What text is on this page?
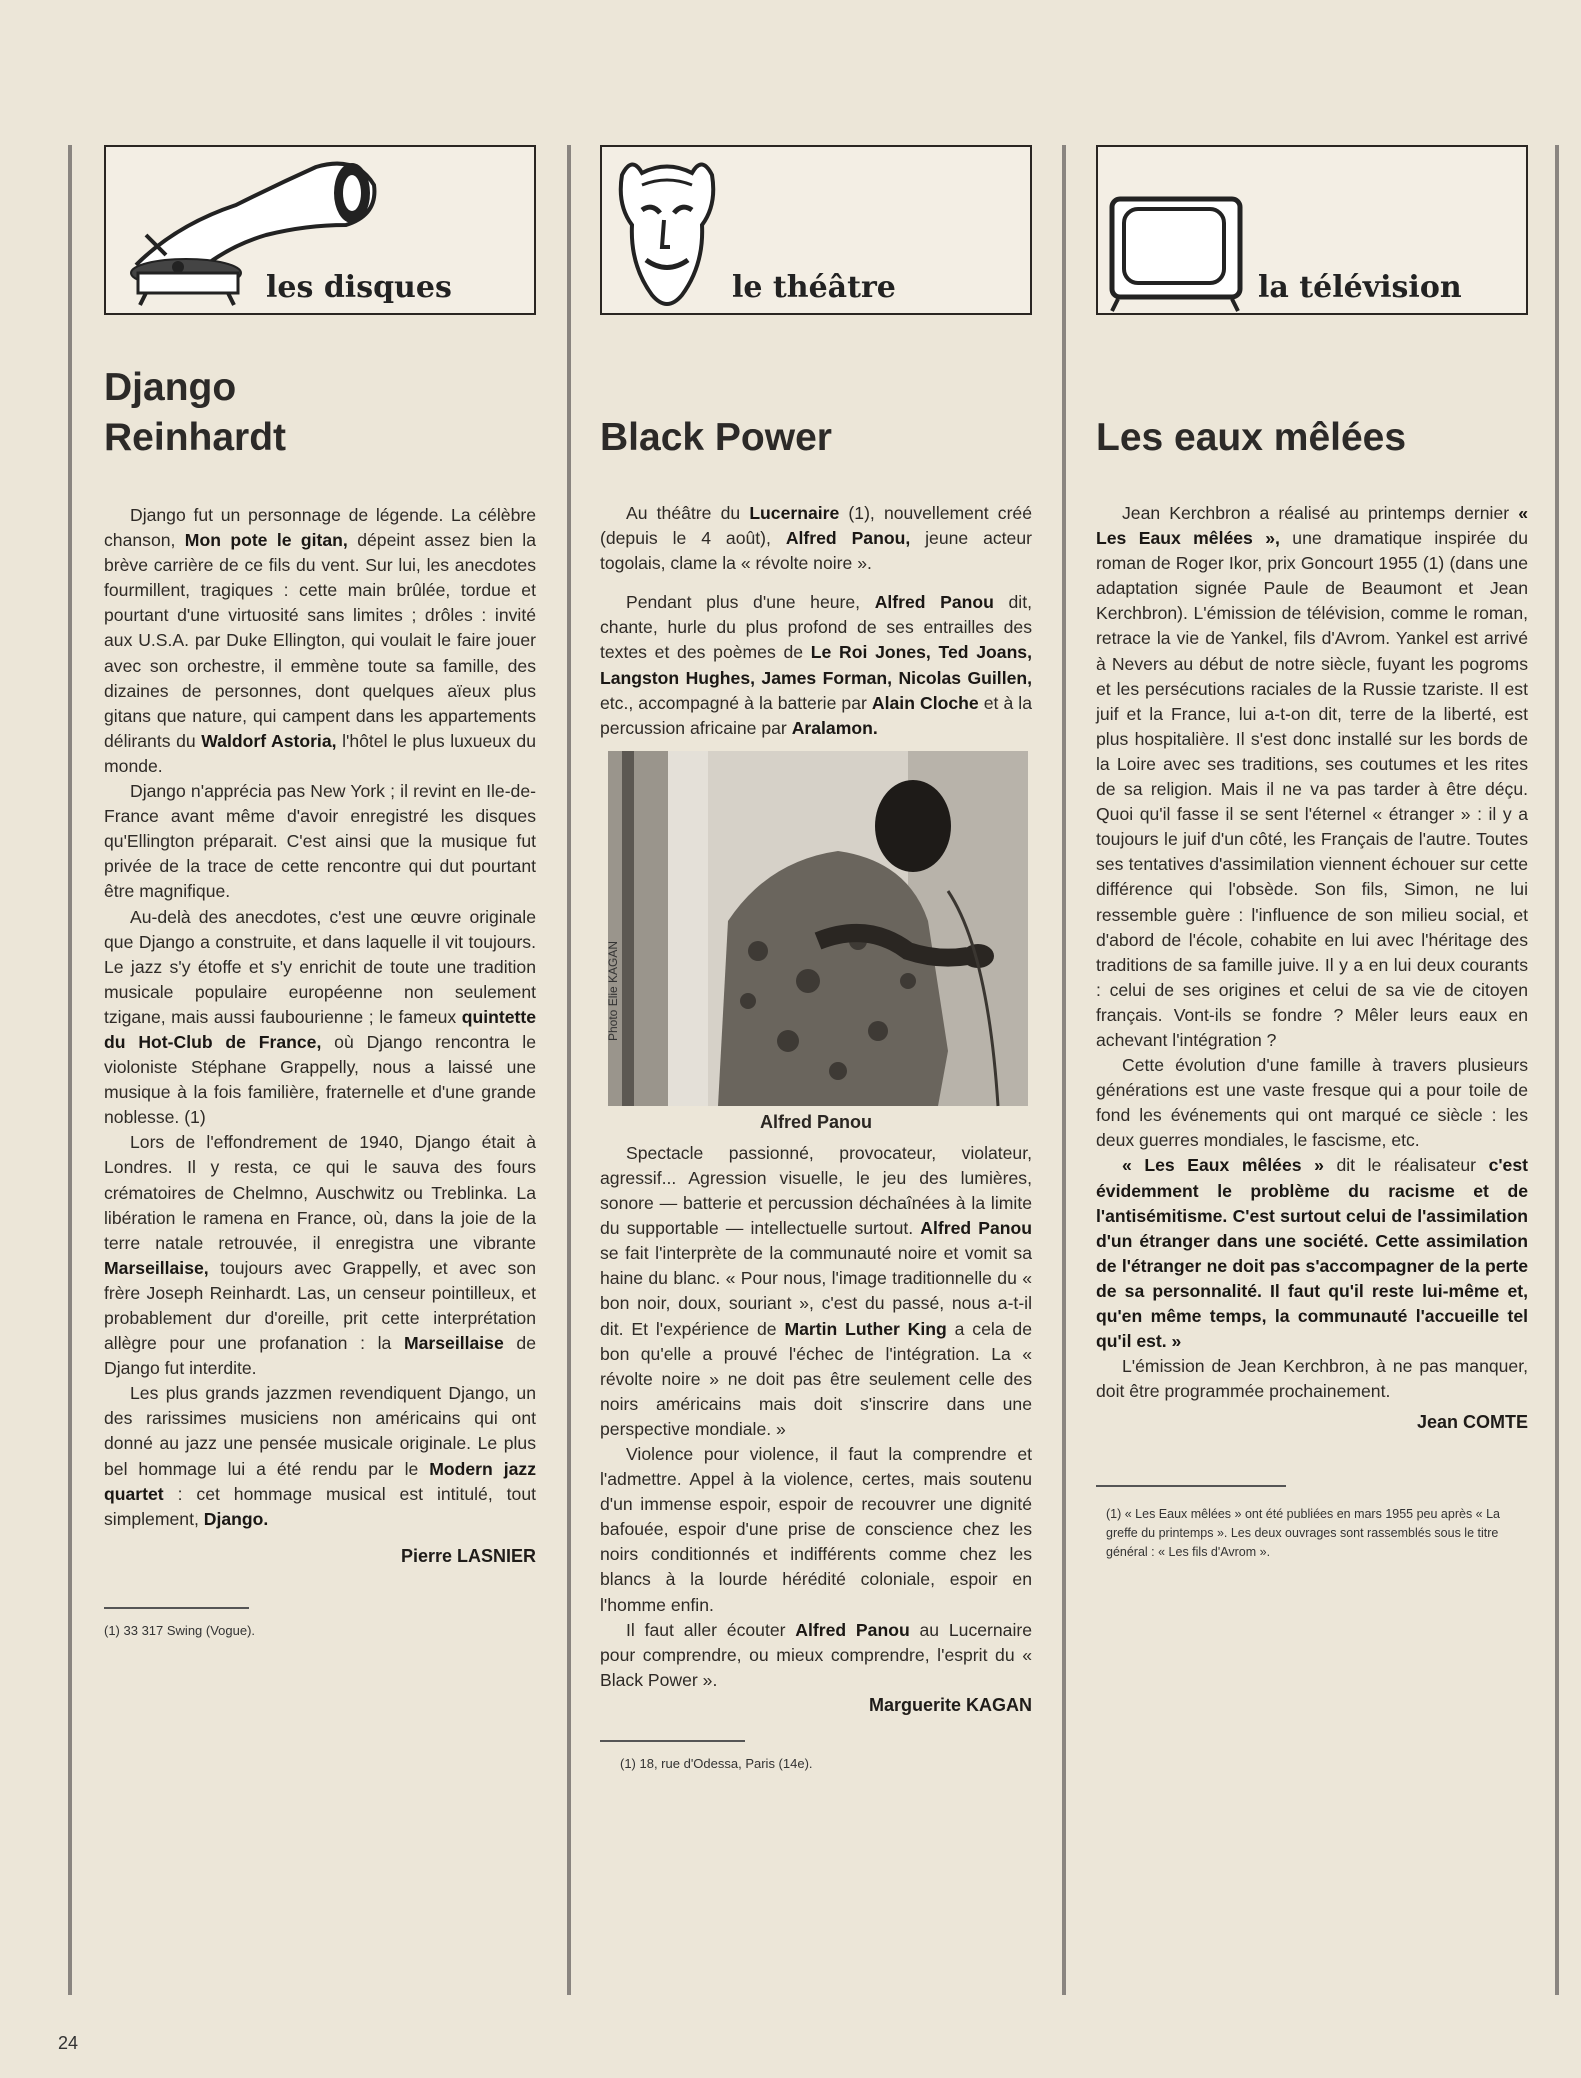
les disques
Django
Reinhardt

Django fut un personnage de légende. La célèbre chanson, Mon pote le gitan, dépeint assez bien la brève carrière de ce fils du vent. Sur lui, les anecdotes fourmillent, tragiques : cette main brûlée, tordue et pourtant d'une virtuosité sans limites ; drôles : invité aux U.S.A. par Duke Ellington, qui voulait le faire jouer avec son orchestre, il emmène toute sa famille, des dizaines de personnes, dont quelques aïeux plus gitans que nature, qui campent dans les appartements délirants du Waldorf Astoria, l'hôtel le plus luxueux du monde.

Django n'apprécia pas New York ; il revint en Ile-de-France avant même d'avoir enregistré les disques qu'Ellington préparait. C'est ainsi que la musique fut privée de la trace de cette rencontre qui dut pourtant être magnifique.

Au-delà des anecdotes, c'est une œuvre originale que Django a construite, et dans laquelle il vit toujours. Le jazz s'y étoffe et s'y enrichit de toute une tradition musicale populaire européenne non seulement tzigane, mais aussi faubourienne ; le fameux quintette du Hot-Club de France, où Django rencontra le violoniste Stéphane Grappelly, nous a laissé une musique à la fois familière, fraternelle et d'une grande noblesse. (1)

Lors de l'effondrement de 1940, Django était à Londres. Il y resta, ce qui le sauva des fours crématoires de Chelmno, Auschwitz ou Treblinka. La libération le ramena en France, où, dans la joie de la terre natale retrouvée, il enregistra une vibrante Marseillaise, toujours avec Grappelly, et avec son frère Joseph Reinhardt. Las, un censeur pointilleux, et probablement dur d'oreille, prit cette interprétation allègre pour une profanation : la Marseillaise de Django fut interdite.

Les plus grands jazzmen revendiquent Django, un des rarissimes musiciens non américains qui ont donné au jazz une pensée musicale originale. Le plus bel hommage lui a été rendu par le Modern jazz quartet : cet hommage musical est intitulé, tout simplement, Django.

Pierre LASNIER
(1) 33 317 Swing (Vogue).
le théâtre
Black Power

Au théâtre du Lucernaire (1), nouvellement créé (depuis le 4 août), Alfred Panou, jeune acteur togolais, clame la « révolte noire ».

Pendant plus d'une heure, Alfred Panou dit, chante, hurle du plus profond de ses entrailles des textes et des poèmes de Le Roi Jones, Ted Joans, Langston Hughes, James Forman, Nicolas Guillen, etc., accompagné à la batterie par Alain Cloche et à la percussion africaine par Aralamon.

Photo Elie KAGAN
Alfred Panou

Spectacle passionné, provocateur, violateur, agressif... Agression visuelle, le jeu des lumières, sonore — batterie et percussion déchaînées à la limite du supportable — intellectuelle surtout. Alfred Panou se fait l'interprète de la communauté noire et vomit sa haine du blanc. « Pour nous, l'image traditionnelle du « bon noir, doux, souriant », c'est du passé, nous a-t-il dit. Et l'expérience de Martin Luther King a cela de bon qu'elle a prouvé l'échec de l'intégration. La « révolte noire » ne doit pas être seulement celle des noirs américains mais doit s'inscrire dans une perspective mondiale. »

Violence pour violence, il faut la comprendre et l'admettre. Appel à la violence, certes, mais soutenu d'un immense espoir, espoir de recouvrer une dignité bafouée, espoir d'une prise de conscience chez les noirs conditionnés et indifférents comme chez les blancs à la lourde hérédité coloniale, espoir en l'homme enfin.

Il faut aller écouter Alfred Panou au Lucernaire pour comprendre, ou mieux comprendre, l'esprit du « Black Power ».

Marguerite KAGAN
(1) 18, rue d'Odessa, Paris (14e).
la télévision
Les eaux mêlées

Jean Kerchbron a réalisé au printemps dernier « Les Eaux mêlées », une dramatique inspirée du roman de Roger Ikor, prix Goncourt 1955 (1) (dans une adaptation signée Paule de Beaumont et Jean Kerchbron). L'émission de télévision, comme le roman, retrace la vie de Yankel, fils d'Avrom. Yankel est arrivé à Nevers au début de notre siècle, fuyant les pogroms et les persécutions raciales de la Russie tzariste. Il est juif et la France, lui a-t-on dit, terre de la liberté, est plus hospitalière. Il s'est donc installé sur les bords de la Loire avec ses traditions, ses coutumes et les rites de sa religion. Mais il ne va pas tarder à être déçu. Quoi qu'il fasse il se sent l'éternel « étranger » : il y a toujours le juif d'un côté, les Français de l'autre. Toutes ses tentatives d'assimilation viennent échouer sur cette différence qui l'obsède. Son fils, Simon, ne lui ressemble guère : l'influence de son milieu social, et d'abord de l'école, cohabite en lui avec l'héritage des traditions de sa famille juive. Il y a en lui deux courants : celui de ses origines et celui de sa vie de citoyen français. Vont-ils se fondre ? Mêler leurs eaux en achevant l'intégration ?

Cette évolution d'une famille à travers plusieurs générations est une vaste fresque qui a pour toile de fond les événements qui ont marqué ce siècle : les deux guerres mondiales, le fascisme, etc.

« Les Eaux mêlées » dit le réalisateur c'est évidemment le problème du racisme et de l'antisémitisme. C'est surtout celui de l'assimilation d'un étranger dans une société. Cette assimilation de l'étranger ne doit pas s'accompagner de la perte de sa personnalité. Il faut qu'il reste lui-même et, qu'en même temps, la communauté l'accueille tel qu'il est. »

L'émission de Jean Kerchbron, à ne pas manquer, doit être programmée prochainement.

Jean COMTE
(1) « Les Eaux mêlées » ont été publiées en mars 1955 peu après « La greffe du printemps ». Les deux ouvrages sont rassemblés sous le titre général : « Les fils d'Avrom ».
24
